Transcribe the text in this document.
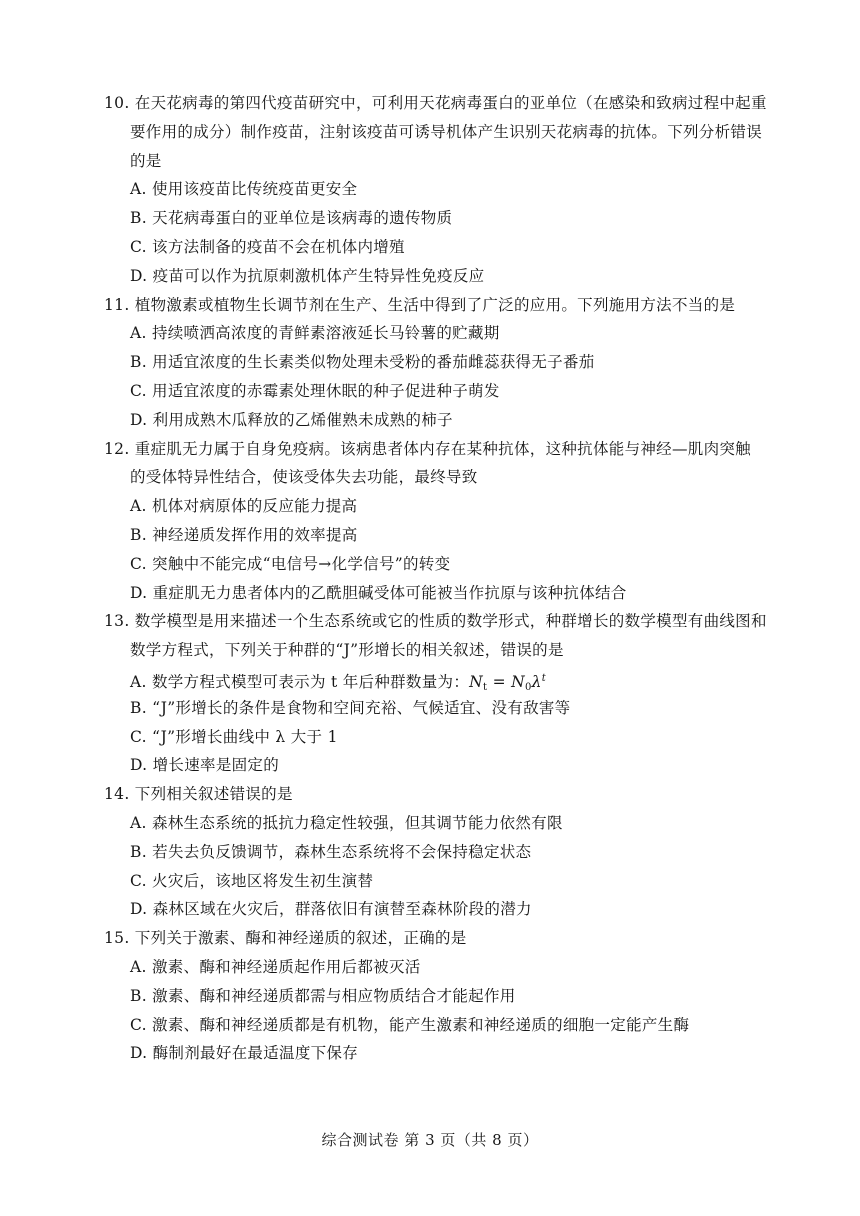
10. 在天花病毒的第四代疫苗研究中，可利用天花病毒蛋白的亚单位（在感染和致病过程中起重
要作用的成分）制作疫苗，注射该疫苗可诱导机体产生识别天花病毒的抗体。下列分析错误
的是
A. 使用该疫苗比传统疫苗更安全
B. 天花病毒蛋白的亚单位是该病毒的遗传物质
C. 该方法制备的疫苗不会在机体内增殖
D. 疫苗可以作为抗原刺激机体产生特异性免疫反应
11. 植物激素或植物生长调节剂在生产、生活中得到了广泛的应用。下列施用方法不当的是
A. 持续喷洒高浓度的青鲜素溶液延长马铃薯的贮藏期
B. 用适宜浓度的生长素类似物处理未受粉的番茄雌蕊获得无子番茄
C. 用适宜浓度的赤霉素处理休眠的种子促进种子萌发
D. 利用成熟木瓜释放的乙烯催熟未成熟的柿子
12. 重症肌无力属于自身免疫病。该病患者体内存在某种抗体，这种抗体能与神经—肌肉突触
的受体特异性结合，使该受体失去功能，最终导致
A. 机体对病原体的反应能力提高
B. 神经递质发挥作用的效率提高
C. 突触中不能完成“电信号→化学信号”的转变
D. 重症肌无力患者体内的乙酰胆碱受体可能被当作抗原与该种抗体结合
13. 数学模型是用来描述一个生态系统或它的性质的数学形式，种群增长的数学模型有曲线图和
数学方程式，下列关于种群的“J”形增长的相关叙述，错误的是
A. 数学方程式模型可表示为 t 年后种群数量为：$N_t = N_0\lambda^t$
B. “J”形增长的条件是食物和空间充裕、气候适宜、没有敌害等
C. “J”形增长曲线中 λ 大于 1
D. 增长速率是固定的
14. 下列相关叙述错误的是
A. 森林生态系统的抵抗力稳定性较强，但其调节能力依然有限
B. 若失去负反馈调节，森林生态系统将不会保持稳定状态
C. 火灾后，该地区将发生初生演替
D. 森林区域在火灾后，群落依旧有演替至森林阶段的潜力
15. 下列关于激素、酶和神经递质的叙述，正确的是
A. 激素、酶和神经递质起作用后都被灭活
B. 激素、酶和神经递质都需与相应物质结合才能起作用
C. 激素、酶和神经递质都是有机物，能产生激素和神经递质的细胞一定能产生酶
D. 酶制剂最好在最适温度下保存
综合测试卷 第 3 页（共 8 页）
